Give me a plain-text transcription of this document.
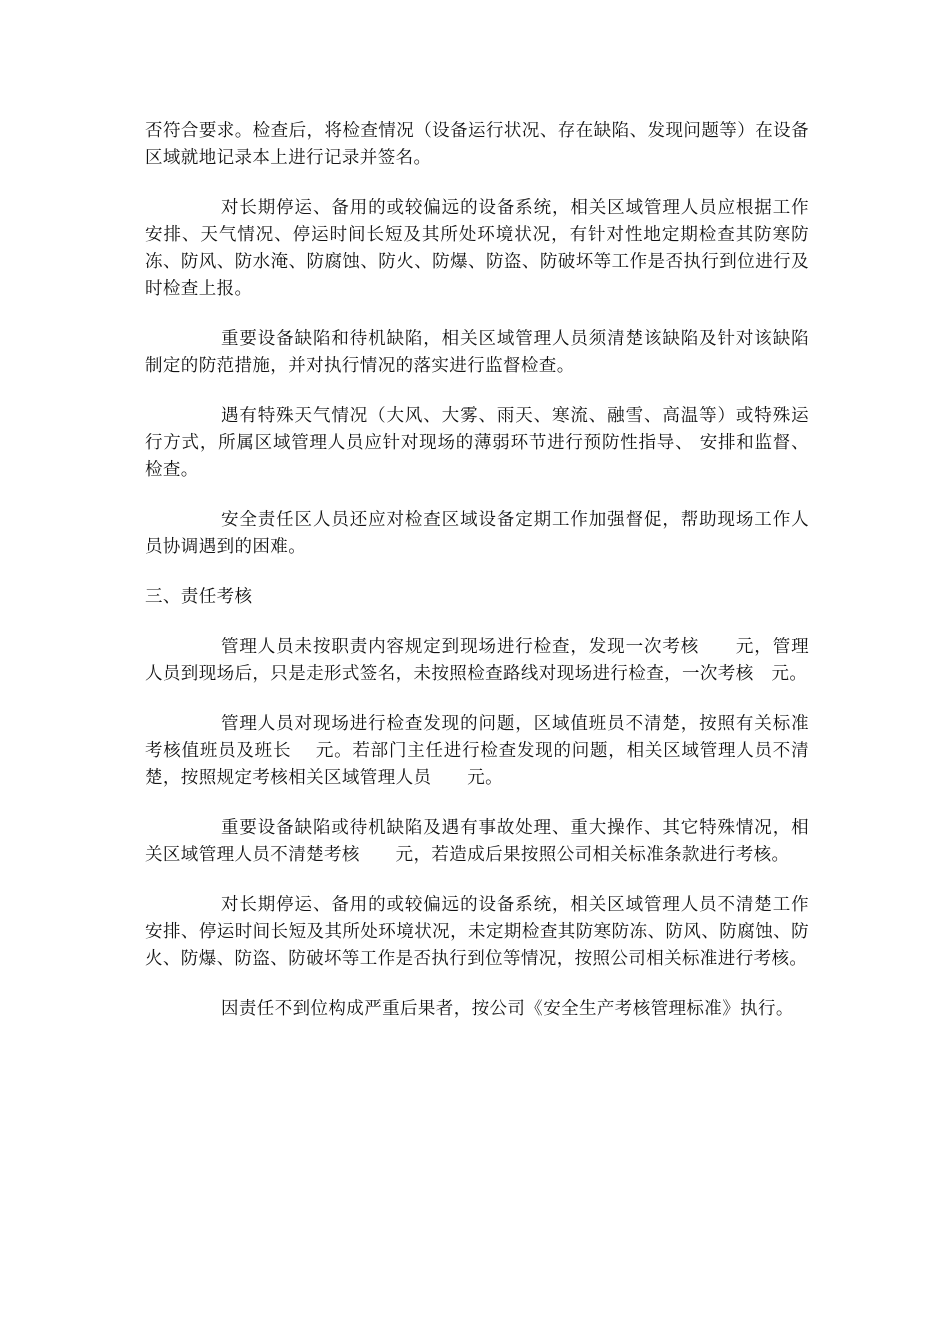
否符合要求。检查后，将检查情况（设备运行状况、存在缺陷、发现问题等）在设备区域就地记录本上进行记录并签名。

对长期停运、备用的或较偏远的设备系统，相关区域管理人员应根据工作安排、天气情况、停运时间长短及其所处环境状况，有针对性地定期检查其防寒防冻、防风、防水淹、防腐蚀、防火、防爆、防盗、防破坏等工作是否执行到位进行及时检查上报。

重要设备缺陷和待机缺陷，相关区域管理人员须清楚该缺陷及针对该缺陷制定的防范措施，并对执行情况的落实进行监督检查。

遇有特殊天气情况（大风、大雾、雨天、寒流、融雪、高温等）或特殊运行方式，所属区域管理人员应针对现场的薄弱环节进行预防性指导、 安排和监督、检查。

安全责任区人员还应对检查区域设备定期工作加强督促，帮助现场工作人员协调遇到的困难。

三、责任考核

管理人员未按职责内容规定到现场进行检查，发现一次考核　　元，管理人员到现场后，只是走形式签名，未按照检查路线对现场进行检查，一次考核　元。

管理人员对现场进行检查发现的问题，区域值班员不清楚，按照有关标准考核值班员及班长　 元。若部门主任进行检查发现的问题，相关区域管理人员不清楚，按照规定考核相关区域管理人员　　元。

重要设备缺陷或待机缺陷及遇有事故处理、重大操作、其它特殊情况，相关区域管理人员不清楚考核　　元，若造成后果按照公司相关标准条款进行考核。

对长期停运、备用的或较偏远的设备系统，相关区域管理人员不清楚工作安排、停运时间长短及其所处环境状况，未定期检查其防寒防冻、防风、防腐蚀、防火、防爆、防盗、防破坏等工作是否执行到位等情况，按照公司相关标准进行考核。

因责任不到位构成严重后果者，按公司《安全生产考核管理标准》执行。
